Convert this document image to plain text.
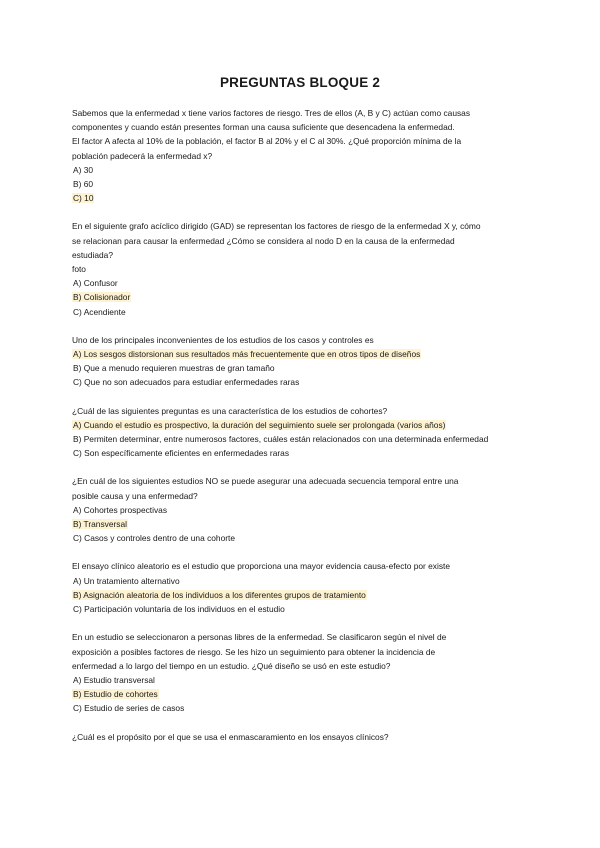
PREGUNTAS BLOQUE 2

Sabemos que la enfermedad x tiene varios factores de riesgo. Tres de ellos (A, B y C) actúan como causas
componentes y cuando están presentes forman una causa suficiente que desencadena la enfermedad.
El factor A afecta al 10% de la población, el factor B al 20% y el C al 30%. ¿Qué proporción mínima de la
población padecerá la enfermedad x?

A) 30

B) 60

C) 10

En el siguiente grafo acíclico dirigido (GAD) se representan los factores de riesgo de la enfermedad X y, cómo
se relacionan para causar la enfermedad ¿Cómo se considera al nodo D en la causa de la enfermedad
estudiada?
foto

A) Confusor

B) Colisionador

C) Acendiente

Uno de los principales inconvenientes de los estudios de los casos y controles es

A) Los sesgos distorsionan sus resultados más frecuentemente que en otros tipos de diseños

B) Que a menudo requieren muestras de gran tamaño

C) Que no son adecuados para estudiar enfermedades raras

¿Cuál de las siguientes preguntas es una característica de los estudios de cohortes?

A) Cuando el estudio es prospectivo, la duración del seguimiento suele ser prolongada (varios años)

B) Permiten determinar, entre numerosos factores, cuáles están relacionados con una determinada enfermedad

C) Son específicamente eficientes en enfermedades raras

¿En cuál de los siguientes estudios NO se puede asegurar una adecuada secuencia temporal entre una
posible causa y una enfermedad?

A) Cohortes prospectivas

B) Transversal

C) Casos y controles dentro de una cohorte

El ensayo clínico aleatorio es el estudio que proporciona una mayor evidencia causa-efecto por existe

A) Un tratamiento alternativo

B) Asignación aleatoria de los individuos a los diferentes grupos de tratamiento

C) Participación voluntaria de los individuos en el estudio

En un estudio se seleccionaron a personas libres de la enfermedad. Se clasificaron según el nivel de
exposición a posibles factores de riesgo. Se les hizo un seguimiento para obtener la incidencia de
enfermedad a lo largo del tiempo en un estudio. ¿Qué diseño se usó en este estudio?

A) Estudio transversal

B) Estudio de cohortes

C) Estudio de series de casos

¿Cuál es el propósito por el que se usa el enmascaramiento en los ensayos clínicos?
